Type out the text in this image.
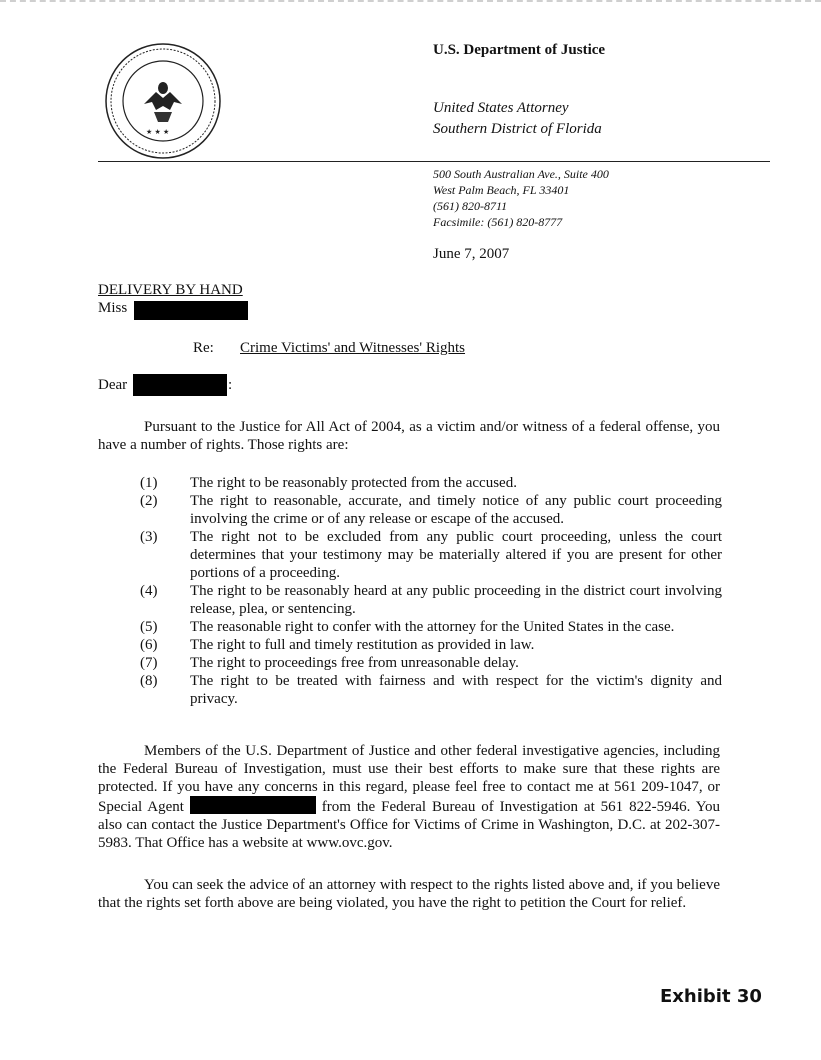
★ ★ ★
U.S. Department of Justice
United States Attorney
Southern District of Florida
500 South Australian Ave., Suite 400
West Palm Beach, FL 33401
(561) 820-8711
Facsimile: (561) 820-8777
June 7, 2007
DELIVERY BY HAND
Miss
Re: Crime Victims' and Witnesses' Rights
Dear	:
Pursuant to the Justice for All Act of 2004, as a victim and/or witness of a federal offense, you have a number of rights. Those rights are:
(1)	The right to be reasonably protected from the accused.
(2)	The right to reasonable, accurate, and timely notice of any public court proceeding involving the crime or of any release or escape of the accused.
(3)	The right not to be excluded from any public court proceeding, unless the court determines that your testimony may be materially altered if you are present for other portions of a proceeding.
(4)	The right to be reasonably heard at any public proceeding in the district court involving release, plea, or sentencing.
(5)	The reasonable right to confer with the attorney for the United States in the case.
(6)	The right to full and timely restitution as provided in law.
(7)	The right to proceedings free from unreasonable delay.
(8)	The right to be treated with fairness and with respect for the victim's dignity and privacy.
Members of the U.S. Department of Justice and other federal investigative agencies, including the Federal Bureau of Investigation, must use their best efforts to make sure that these rights are protected. If you have any concerns in this regard, please feel free to contact me at 561 209-1047, or Special Agent	from the Federal Bureau of Investigation at 561 822-5946. You also can contact the Justice Department's Office for Victims of Crime in Washington, D.C. at 202-307-5983. That Office has a website at www.ovc.gov.
You can seek the advice of an attorney with respect to the rights listed above and, if you believe that the rights set forth above are being violated, you have the right to petition the Court for relief.
Exhibit 30
